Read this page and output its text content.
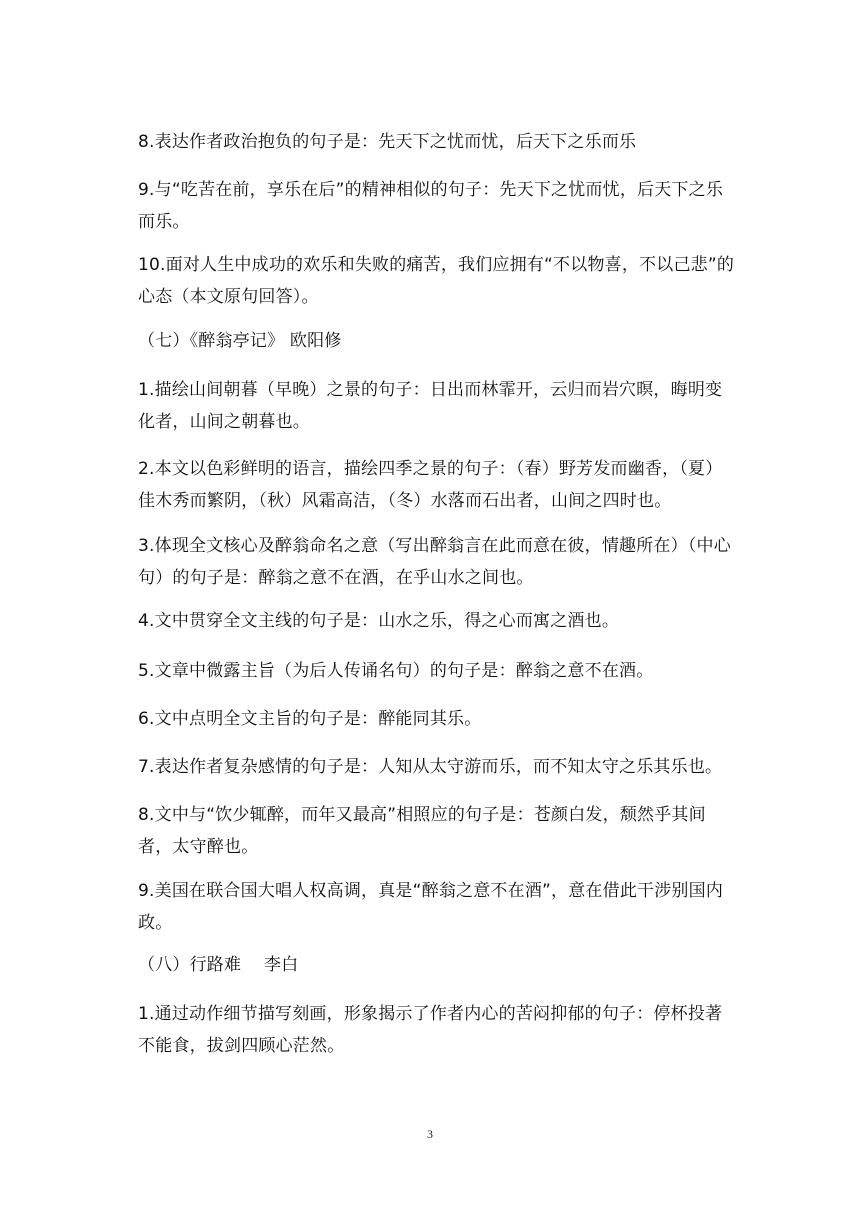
8.表达作者政治抱负的句子是：先天下之忧而忧，后天下之乐而乐

9.与“吃苦在前，享乐在后”的精神相似的句子：先天下之忧而忧，后天下之乐而乐。

10.面对人生中成功的欢乐和失败的痛苦，我们应拥有“不以物喜，不以己悲”的心态（本文原句回答）。

（七）《醉翁亭记》 欧阳修

1.描绘山间朝暮（早晚）之景的句子：日出而林霏开，云归而岩穴暝，晦明变化者，山间之朝暮也。

2.本文以色彩鲜明的语言，描绘四季之景的句子：（春）野芳发而幽香，（夏）佳木秀而繁阴，（秋）风霜高洁，（冬）水落而石出者，山间之四时也。

3.体现全文核心及醉翁命名之意（写出醉翁言在此而意在彼，情趣所在）（中心句）的句子是：醉翁之意不在酒，在乎山水之间也。

4.文中贯穿全文主线的句子是：山水之乐，得之心而寓之酒也。

5.文章中微露主旨（为后人传诵名句）的句子是：醉翁之意不在酒。

6.文中点明全文主旨的句子是：醉能同其乐。

7.表达作者复杂感情的句子是：人知从太守游而乐，而不知太守之乐其乐也。

8.文中与“饮少辄醉，而年又最高”相照应的句子是：苍颜白发，颓然乎其间者，太守醉也。

9.美国在联合国大唱人权高调，真是“醉翁之意不在酒”，意在借此干涉别国内政。

（八）行路难　 李白

1.通过动作细节描写刻画，形象揭示了作者内心的苦闷抑郁的句子：停杯投著不能食，拔剑四顾心茫然。

3
